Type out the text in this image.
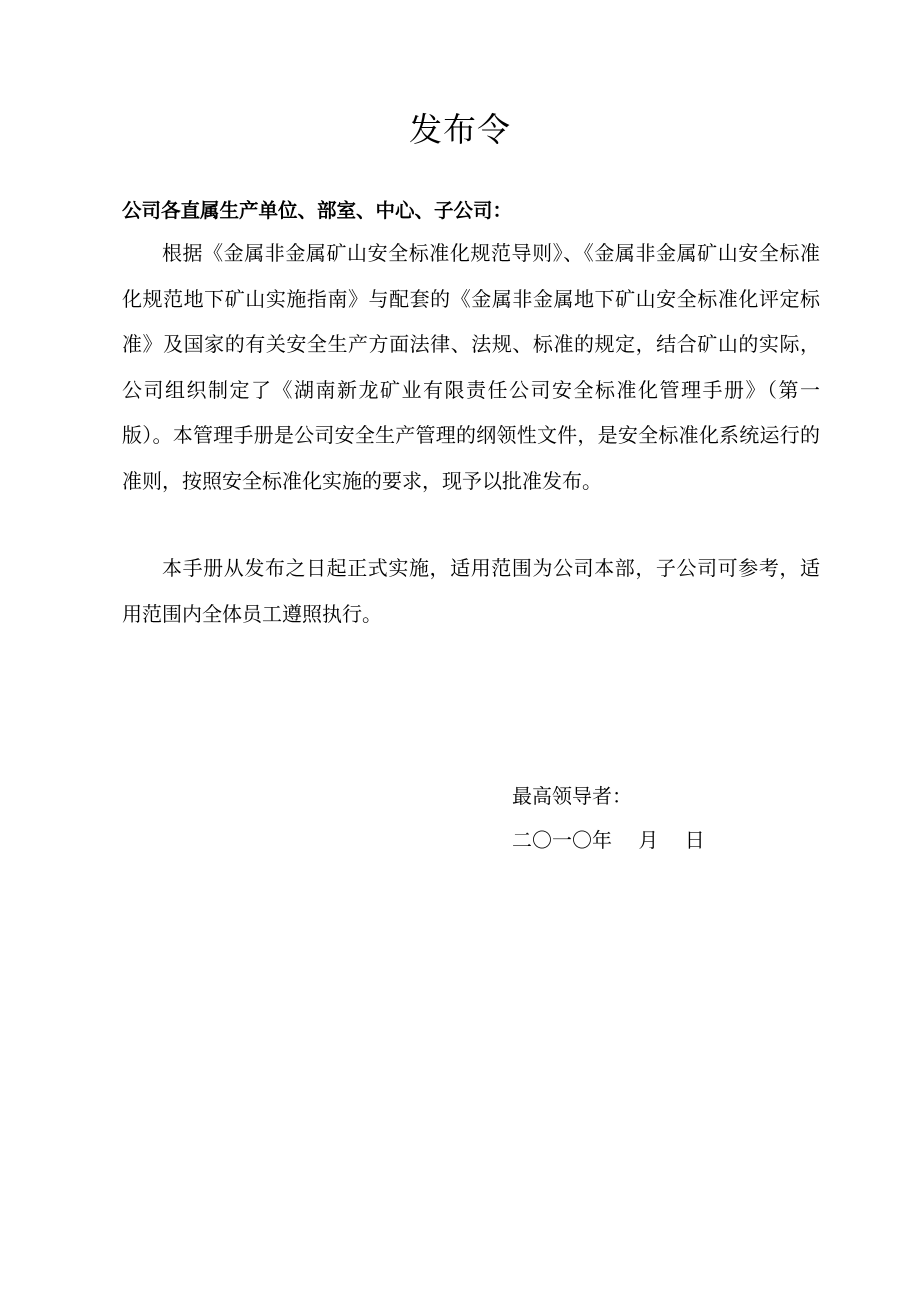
发布令
公司各直属生产单位、部室、中心、子公司：
根据《金属非金属矿山安全标准化规范导则》、《金属非金属矿山安全标准化规范地下矿山实施指南》与配套的《金属非金属地下矿山安全标准化评定标准》及国家的有关安全生产方面法律、法规、标准的规定，结合矿山的实际，公司组织制定了《湖南新龙矿业有限责任公司安全标准化管理手册》（第一版）。本管理手册是公司安全生产管理的纲领性文件，是安全标准化系统运行的准则，按照安全标准化实施的要求，现予以批准发布。
本手册从发布之日起正式实施，适用范围为公司本部，子公司可参考，适用范围内全体员工遵照执行。
最高领导者：
二〇一〇年　 月　 日
